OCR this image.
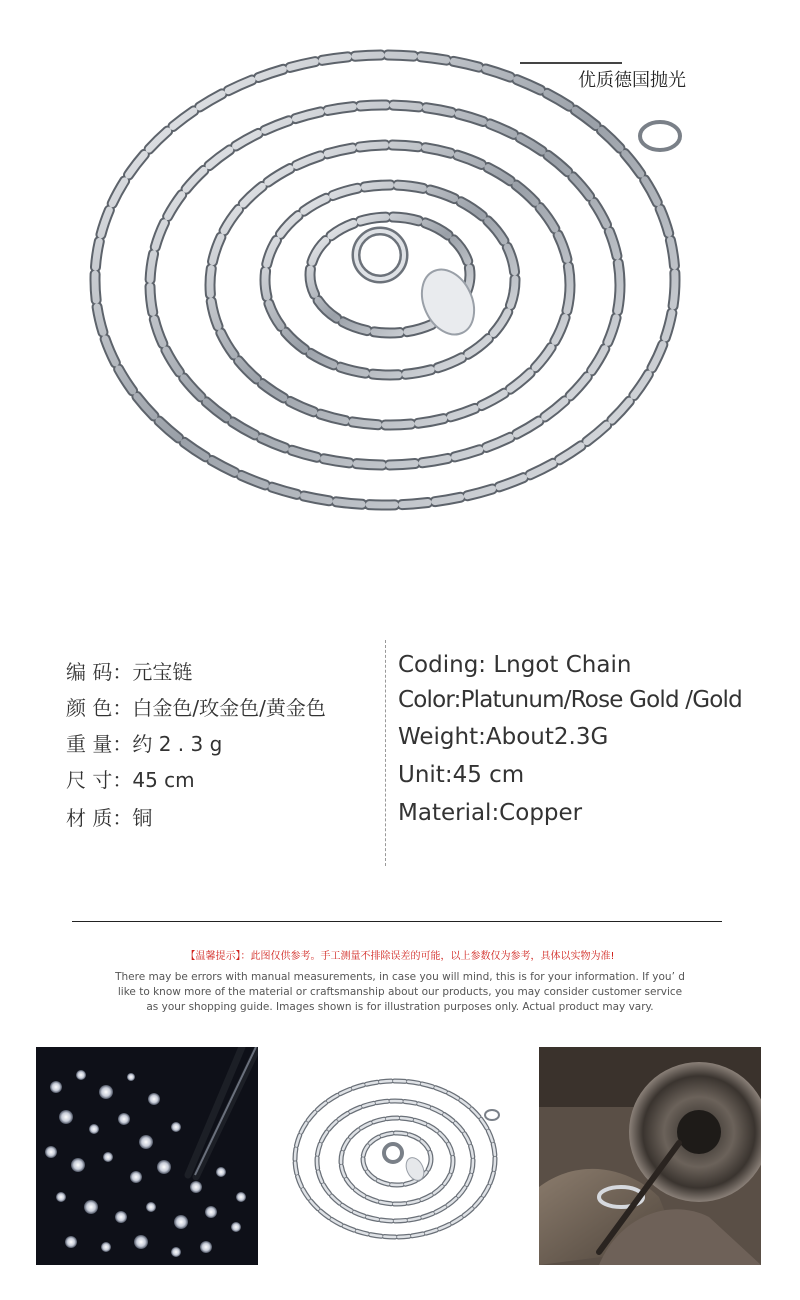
优质德国抛光
编 码：元宝链
颜 色：白金色/玫金色/黄金色
重 量：约 2 . 3 g
尺 寸：45 cm
材 质：铜
Coding: Lngot Chain
Color:Platunum/Rose Gold /Gold
Weight:About2.3G
Unit:45 cm
Material:Copper
【温馨提示】：此图仅供参考。手工测量不排除误差的可能，以上参数仅为参考，具体以实物为准!
There may be errors with manual measurements, in case you will mind, this is for your information. If you’ d
like to know more of the material or craftsmanship about our products, you may consider customer service
as your shopping guide. Images shown is for illustration purposes only. Actual product may vary.
